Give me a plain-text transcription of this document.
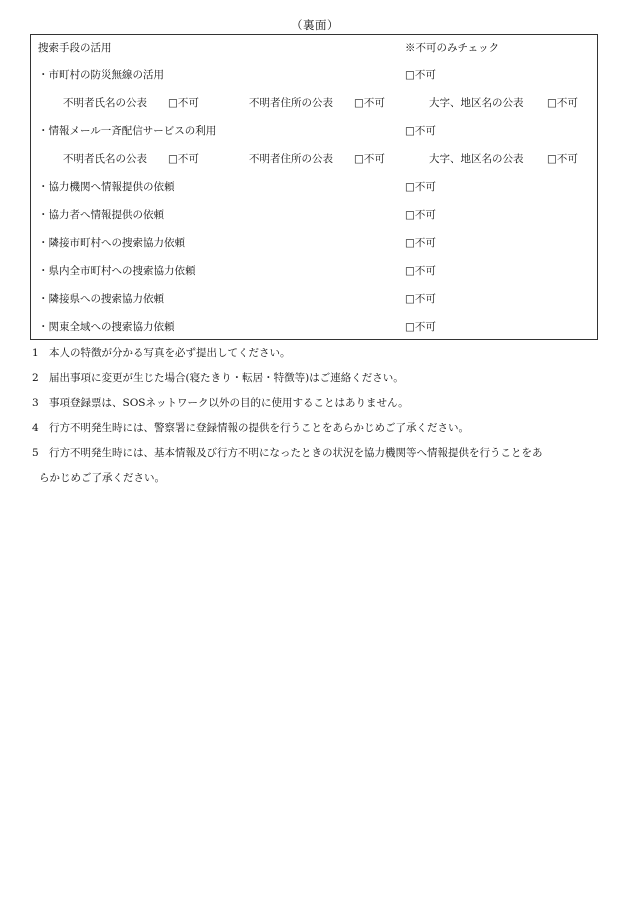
（裏面）
捜索手段の活用	※不可のみチェック
・市町村の防災無線の活用	□不可
不明者氏名の公表 □不可	不明者住所の公表 □不可	大字、地区名の公表 □不可
・情報メール一斉配信サービスの利用	□不可
不明者氏名の公表 □不可	不明者住所の公表 □不可	大字、地区名の公表 □不可
・協力機関へ情報提供の依頼	□不可
・協力者へ情報提供の依頼	□不可
・隣接市町村への捜索協力依頼	□不可
・県内全市町村への捜索協力依頼	□不可
・隣接県への捜索協力依頼	□不可
・関東全域への捜索協力依頼	□不可
1 本人の特徴が分かる写真を必ず提出してください。
2 届出事項に変更が生じた場合(寝たきり・転居・特徴等)はご連絡ください。
3 事項登録票は、SOSネットワーク以外の目的に使用することはありません。
4 行方不明発生時には、警察署に登録情報の提供を行うことをあらかじめご了承ください。
5 行方不明発生時には、基本情報及び行方不明になったときの状況を協力機関等へ情報提供を行うことをあ
らかじめご了承ください。
